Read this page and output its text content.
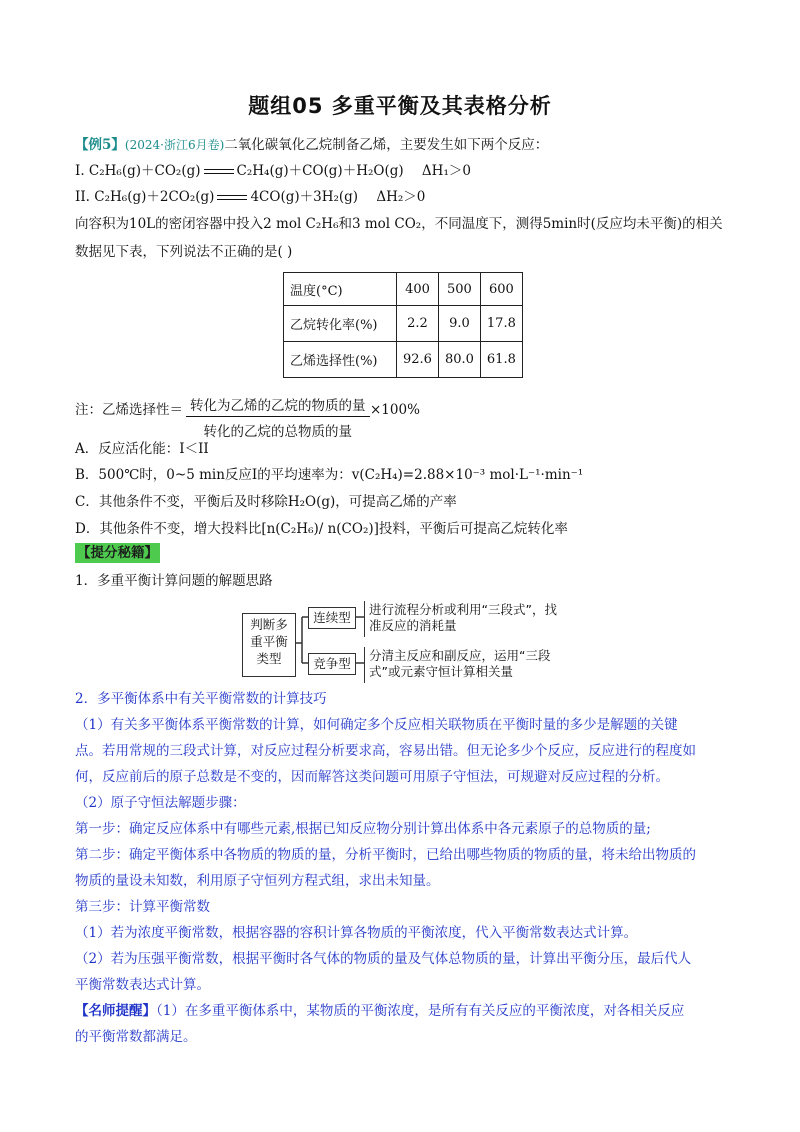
题组05 多重平衡及其表格分析
【例5】(2024·浙江6月卷)二氧化碳氧化乙烷制备乙烯，主要发生如下两个反应：
I. C₂H₆(g)＋CO₂(g)	C₂H₄(g)＋CO(g)＋H₂O(g) ΔH₁＞0
II. C₂H₆(g)＋2CO₂(g)	4CO(g)＋3H₂(g) ΔH₂＞0
向容积为10L的密闭容器中投入2 mol C₂H₆和3 mol CO₂，不同温度下，测得5min时(反应均未平衡)的相关
数据见下表，下列说法不正确的是( )
温度(°C)	400	500	600
乙烷转化率(%)	2.2	9.0	17.8
乙烯选择性(%)	92.6	80.0	61.8
注：乙烯选择性＝ 转化为乙烯的乙烷的物质的量
转化的乙烷的总物质的量
×100%
A．反应活化能：I＜II
B．500℃时，0~5 min反应I的平均速率为：v(C₂H₄)=2.88×10⁻³ mol·L⁻¹·min⁻¹
C．其他条件不变，平衡后及时移除H₂O(g)，可提高乙烯的产率
D．其他条件不变，增大投料比[n(C₂H₆)/ n(CO₂)]投料，平衡后可提高乙烷转化率
【提分秘籍】
1．多重平衡计算问题的解题思路
判断多重平衡类型
连续型
竞争型
进行流程分析或利用“三段式”，找准反应的消耗量
分清主反应和副反应，运用“三段式”或元素守恒计算相关量
2．多平衡体系中有关平衡常数的计算技巧
（1）有关多平衡体系平衡常数的计算，如何确定多个反应相关联物质在平衡时量的多少是解题的关键
点。若用常规的三段式计算，对反应过程分析要求高，容易出错。但无论多少个反应，反应进行的程度如
何，反应前后的原子总数是不变的，因而解答这类问题可用原子守恒法，可规避对反应过程的分析。
（2）原子守恒法解题步骤：
第一步：确定反应体系中有哪些元素,根据已知反应物分别计算出体系中各元素原子的总物质的量;
第二步：确定平衡体系中各物质的物质的量，分析平衡时，已给出哪些物质的物质的量，将未给出物质的
物质的量设未知数，利用原子守恒列方程式组，求出未知量。
第三步：计算平衡常数
（1）若为浓度平衡常数，根据容器的容积计算各物质的平衡浓度，代入平衡常数表达式计算。
（2）若为压强平衡常数，根据平衡时各气体的物质的量及气体总物质的量，计算出平衡分压，最后代人
平衡常数表达式计算。
【名师提醒】（1）在多重平衡体系中，某物质的平衡浓度，是所有有关反应的平衡浓度，对各相关反应
的平衡常数都满足。
